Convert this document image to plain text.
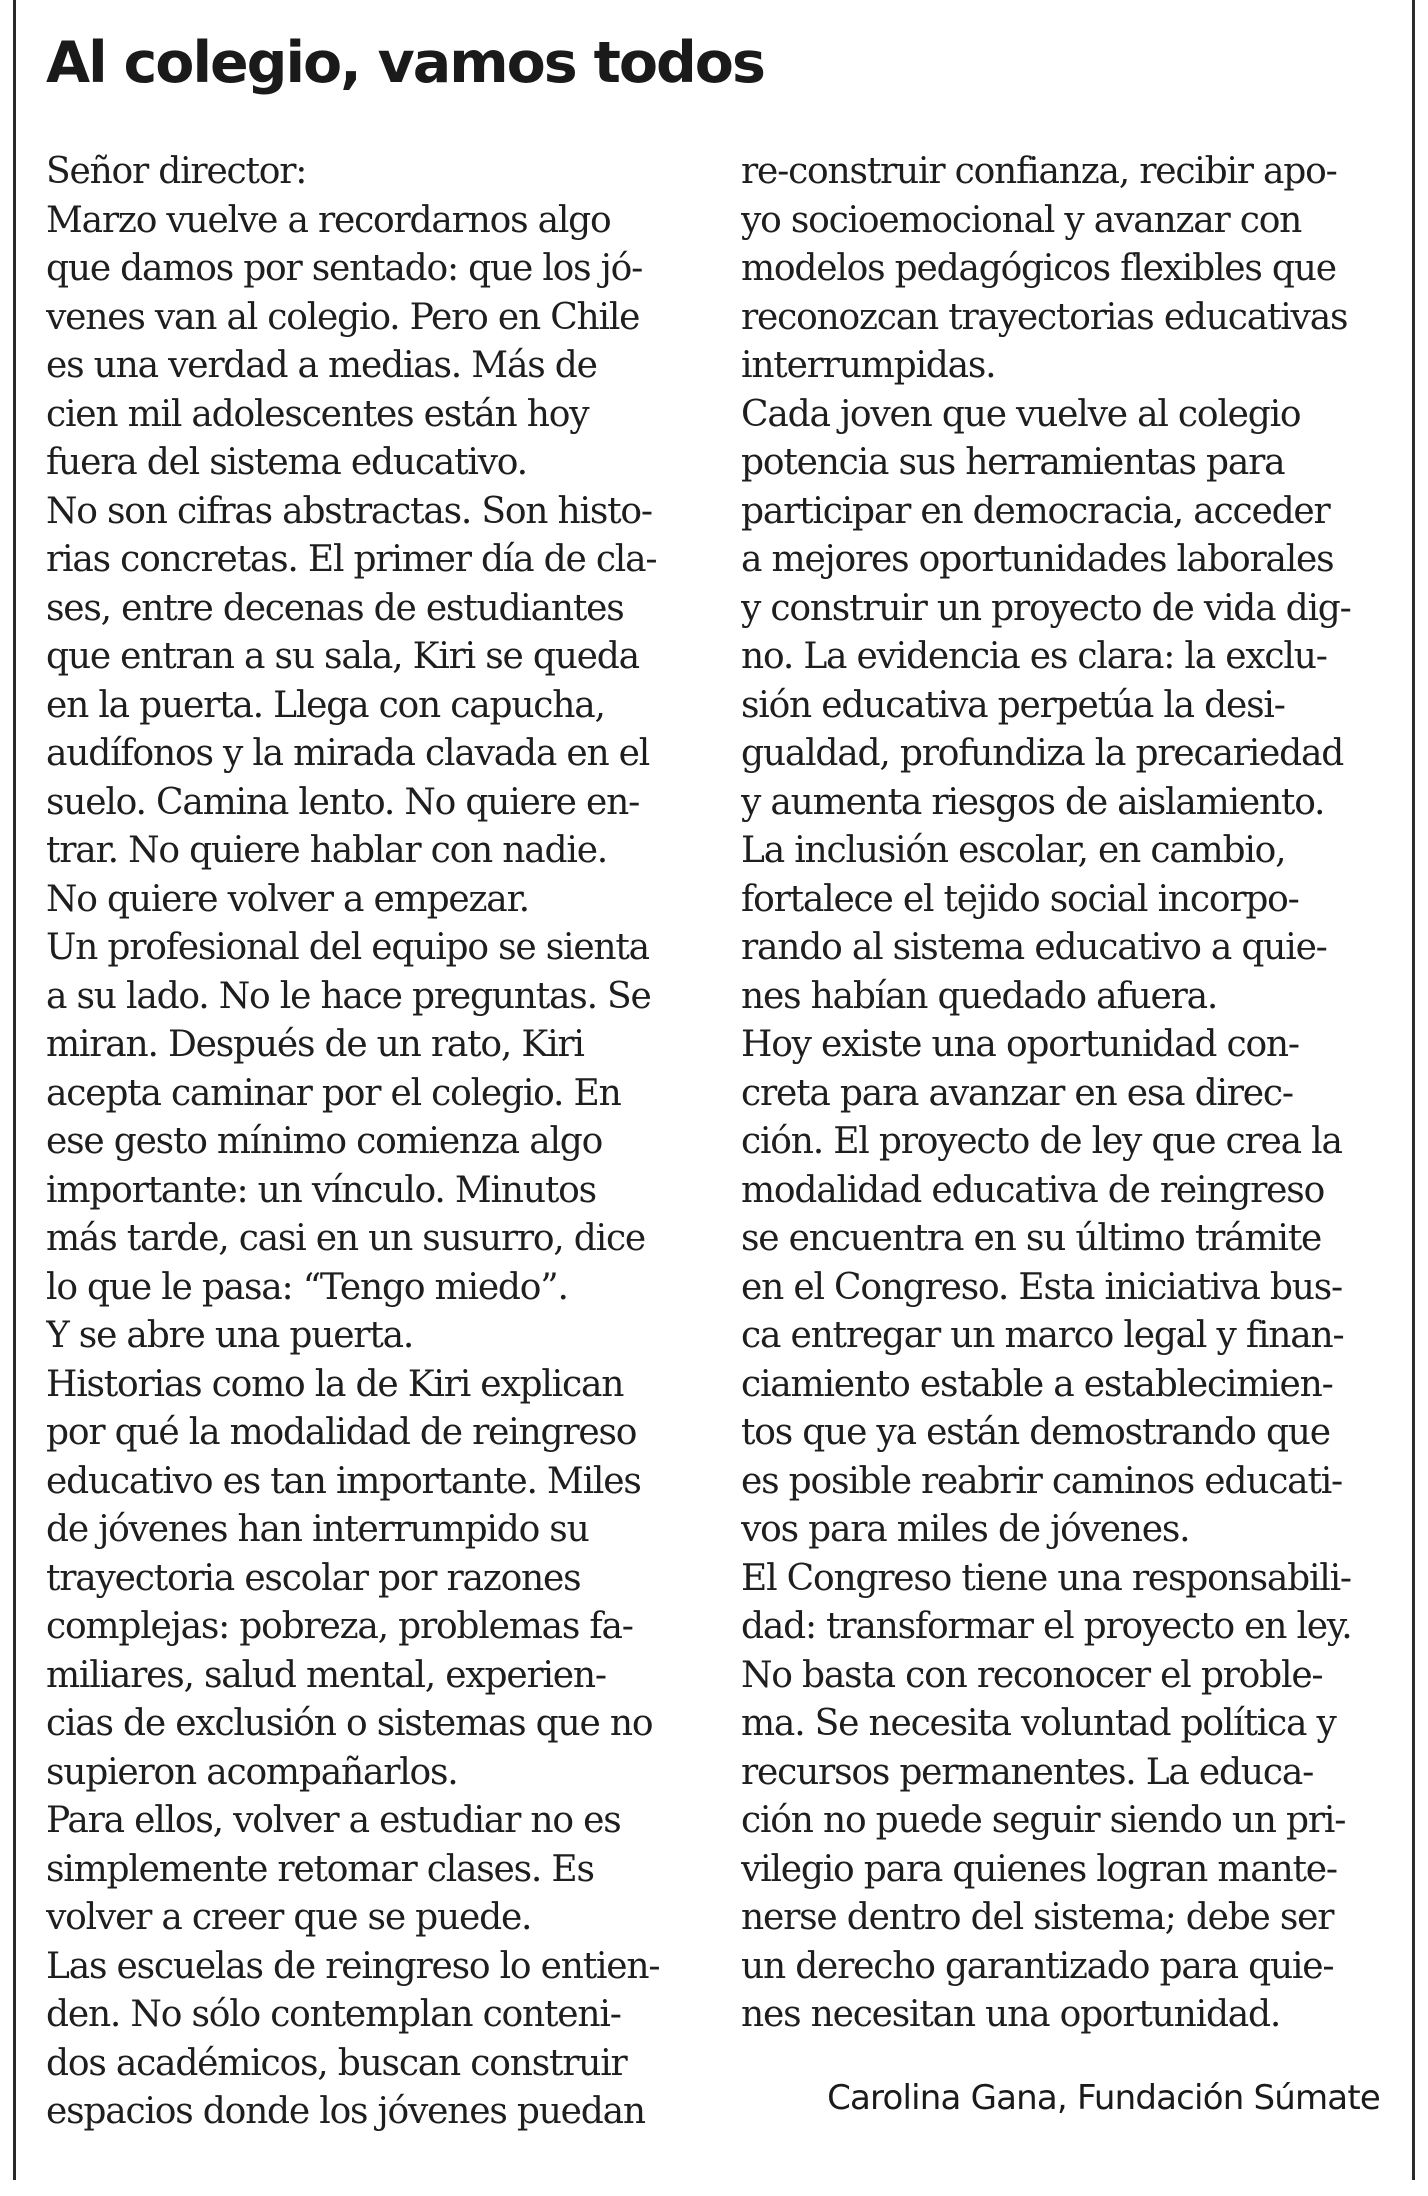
Al colegio, vamos todos
Señor director:
Marzo vuelve a recordarnos algo
que damos por sentado: que los jó-
venes van al colegio. Pero en Chile
es una verdad a medias. Más de
cien mil adolescentes están hoy
fuera del sistema educativo.
No son cifras abstractas. Son histo-
rias concretas. El primer día de cla-
ses, entre decenas de estudiantes
que entran a su sala, Kiri se queda
en la puerta. Llega con capucha,
audífonos y la mirada clavada en el
suelo. Camina lento. No quiere en-
trar. No quiere hablar con nadie.
No quiere volver a empezar.
Un profesional del equipo se sienta
a su lado. No le hace preguntas. Se
miran. Después de un rato, Kiri
acepta caminar por el colegio. En
ese gesto mínimo comienza algo
importante: un vínculo. Minutos
más tarde, casi en un susurro, dice
lo que le pasa: “Tengo miedo”.
Y se abre una puerta.
Historias como la de Kiri explican
por qué la modalidad de reingreso
educativo es tan importante. Miles
de jóvenes han interrumpido su
trayectoria escolar por razones
complejas: pobreza, problemas fa-
miliares, salud mental, experien-
cias de exclusión o sistemas que no
supieron acompañarlos.
Para ellos, volver a estudiar no es
simplemente retomar clases. Es
volver a creer que se puede.
Las escuelas de reingreso lo entien-
den. No sólo contemplan conteni-
dos académicos, buscan construir
espacios donde los jóvenes puedan
re-construir confianza, recibir apo-
yo socioemocional y avanzar con
modelos pedagógicos flexibles que
reconozcan trayectorias educativas
interrumpidas.
Cada joven que vuelve al colegio
potencia sus herramientas para
participar en democracia, acceder
a mejores oportunidades laborales
y construir un proyecto de vida dig-
no. La evidencia es clara: la exclu-
sión educativa perpetúa la desi-
gualdad, profundiza la precariedad
y aumenta riesgos de aislamiento.
La inclusión escolar, en cambio,
fortalece el tejido social incorpo-
rando al sistema educativo a quie-
nes habían quedado afuera.
Hoy existe una oportunidad con-
creta para avanzar en esa direc-
ción. El proyecto de ley que crea la
modalidad educativa de reingreso
se encuentra en su último trámite
en el Congreso. Esta iniciativa bus-
ca entregar un marco legal y finan-
ciamiento estable a establecimien-
tos que ya están demostrando que
es posible reabrir caminos educati-
vos para miles de jóvenes.
El Congreso tiene una responsabili-
dad: transformar el proyecto en ley.
No basta con reconocer el proble-
ma. Se necesita voluntad política y
recursos permanentes. La educa-
ción no puede seguir siendo un pri-
vilegio para quienes logran mante-
nerse dentro del sistema; debe ser
un derecho garantizado para quie-
nes necesitan una oportunidad.
Carolina Gana, Fundación Súmate
